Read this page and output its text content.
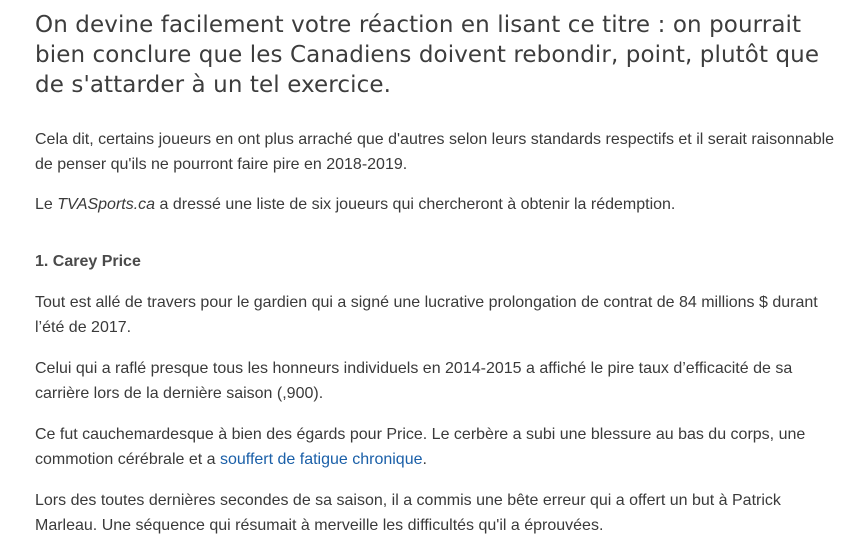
On devine facilement votre réaction en lisant ce titre : on pourrait bien conclure que les Canadiens doivent rebondir, point, plutôt que de s'attarder à un tel exercice.

Cela dit, certains joueurs en ont plus arraché que d'autres selon leurs standards respectifs et il serait raisonnable de penser qu'ils ne pourront faire pire en 2018-2019.

Le TVASports.ca a dressé une liste de six joueurs qui chercheront à obtenir la rédemption.

1. Carey Price

Tout est allé de travers pour le gardien qui a signé une lucrative prolongation de contrat de 84 millions $ durant l’été de 2017.

Celui qui a raflé presque tous les honneurs individuels en 2014-2015 a affiché le pire taux d’efficacité de sa carrière lors de la dernière saison (,900).

Ce fut cauchemardesque à bien des égards pour Price. Le cerbère a subi une blessure au bas du corps, une commotion cérébrale et a souffert de fatigue chronique.

Lors des toutes dernières secondes de sa saison, il a commis une bête erreur qui a offert un but à Patrick Marleau. Une séquence qui résumait à merveille les difficultés qu'il a éprouvées.
